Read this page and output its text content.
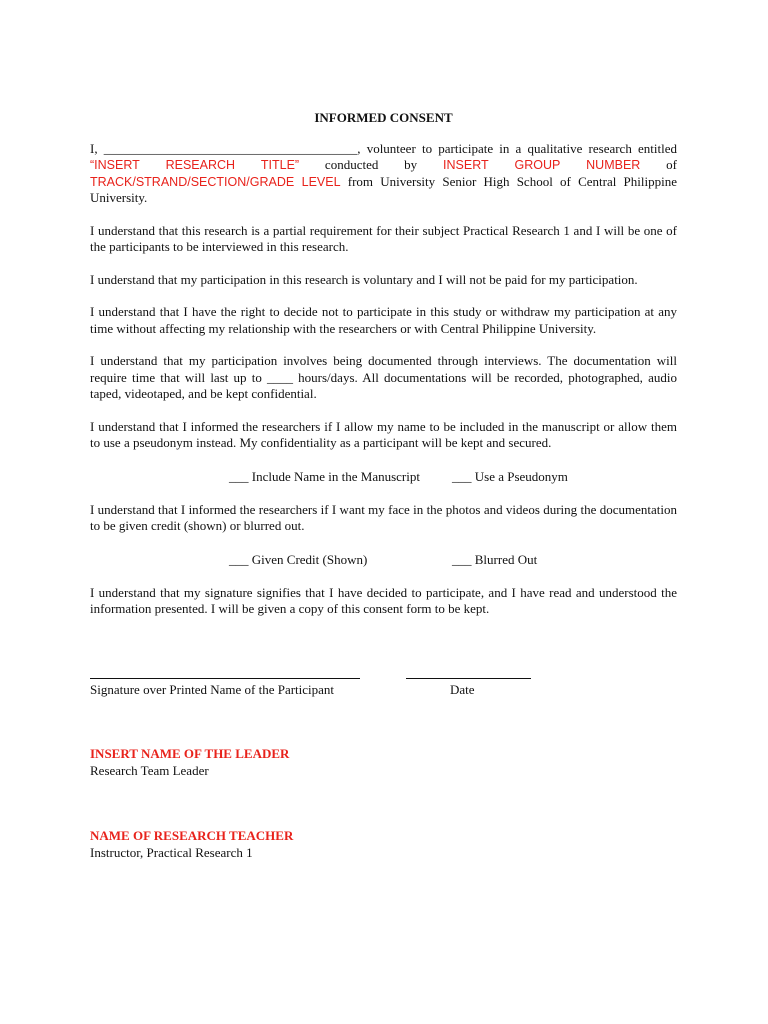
INFORMED CONSENT

I, _______________________________________, volunteer to participate in a qualitative research entitled “INSERT RESEARCH TITLE” conducted by INSERT GROUP NUMBER of TRACK/STRAND/SECTION/GRADE LEVEL from University Senior High School of Central Philippine University.

I understand that this research is a partial requirement for their subject Practical Research 1 and I will be one of the participants to be interviewed in this research.

I understand that my participation in this research is voluntary and I will not be paid for my participation.

I understand that I have the right to decide not to participate in this study or withdraw my participation at any time without affecting my relationship with the researchers or with Central Philippine University.

I understand that my participation involves being documented through interviews. The documentation will require time that will last up to ____ hours/days. All documentations will be recorded, photographed, audio taped, videotaped, and be kept confidential.

I understand that I informed the researchers if I allow my name to be included in the manuscript or allow them to use a pseudonym instead. My confidentiality as a participant will be kept and secured.

___ Include Name in the Manuscript ___ Use a Pseudonym

I understand that I informed the researchers if I want my face in the photos and videos during the documentation to be given credit (shown) or blurred out.

___ Given Credit (Shown)	___ Blurred Out

I understand that my signature signifies that I have decided to participate, and I have read and understood the information presented. I will be given a copy of this consent form to be kept.

Signature over Printed Name of the Participant	Date
INSERT NAME OF THE LEADER
Research Team Leader
NAME OF RESEARCH TEACHER
Instructor, Practical Research 1
